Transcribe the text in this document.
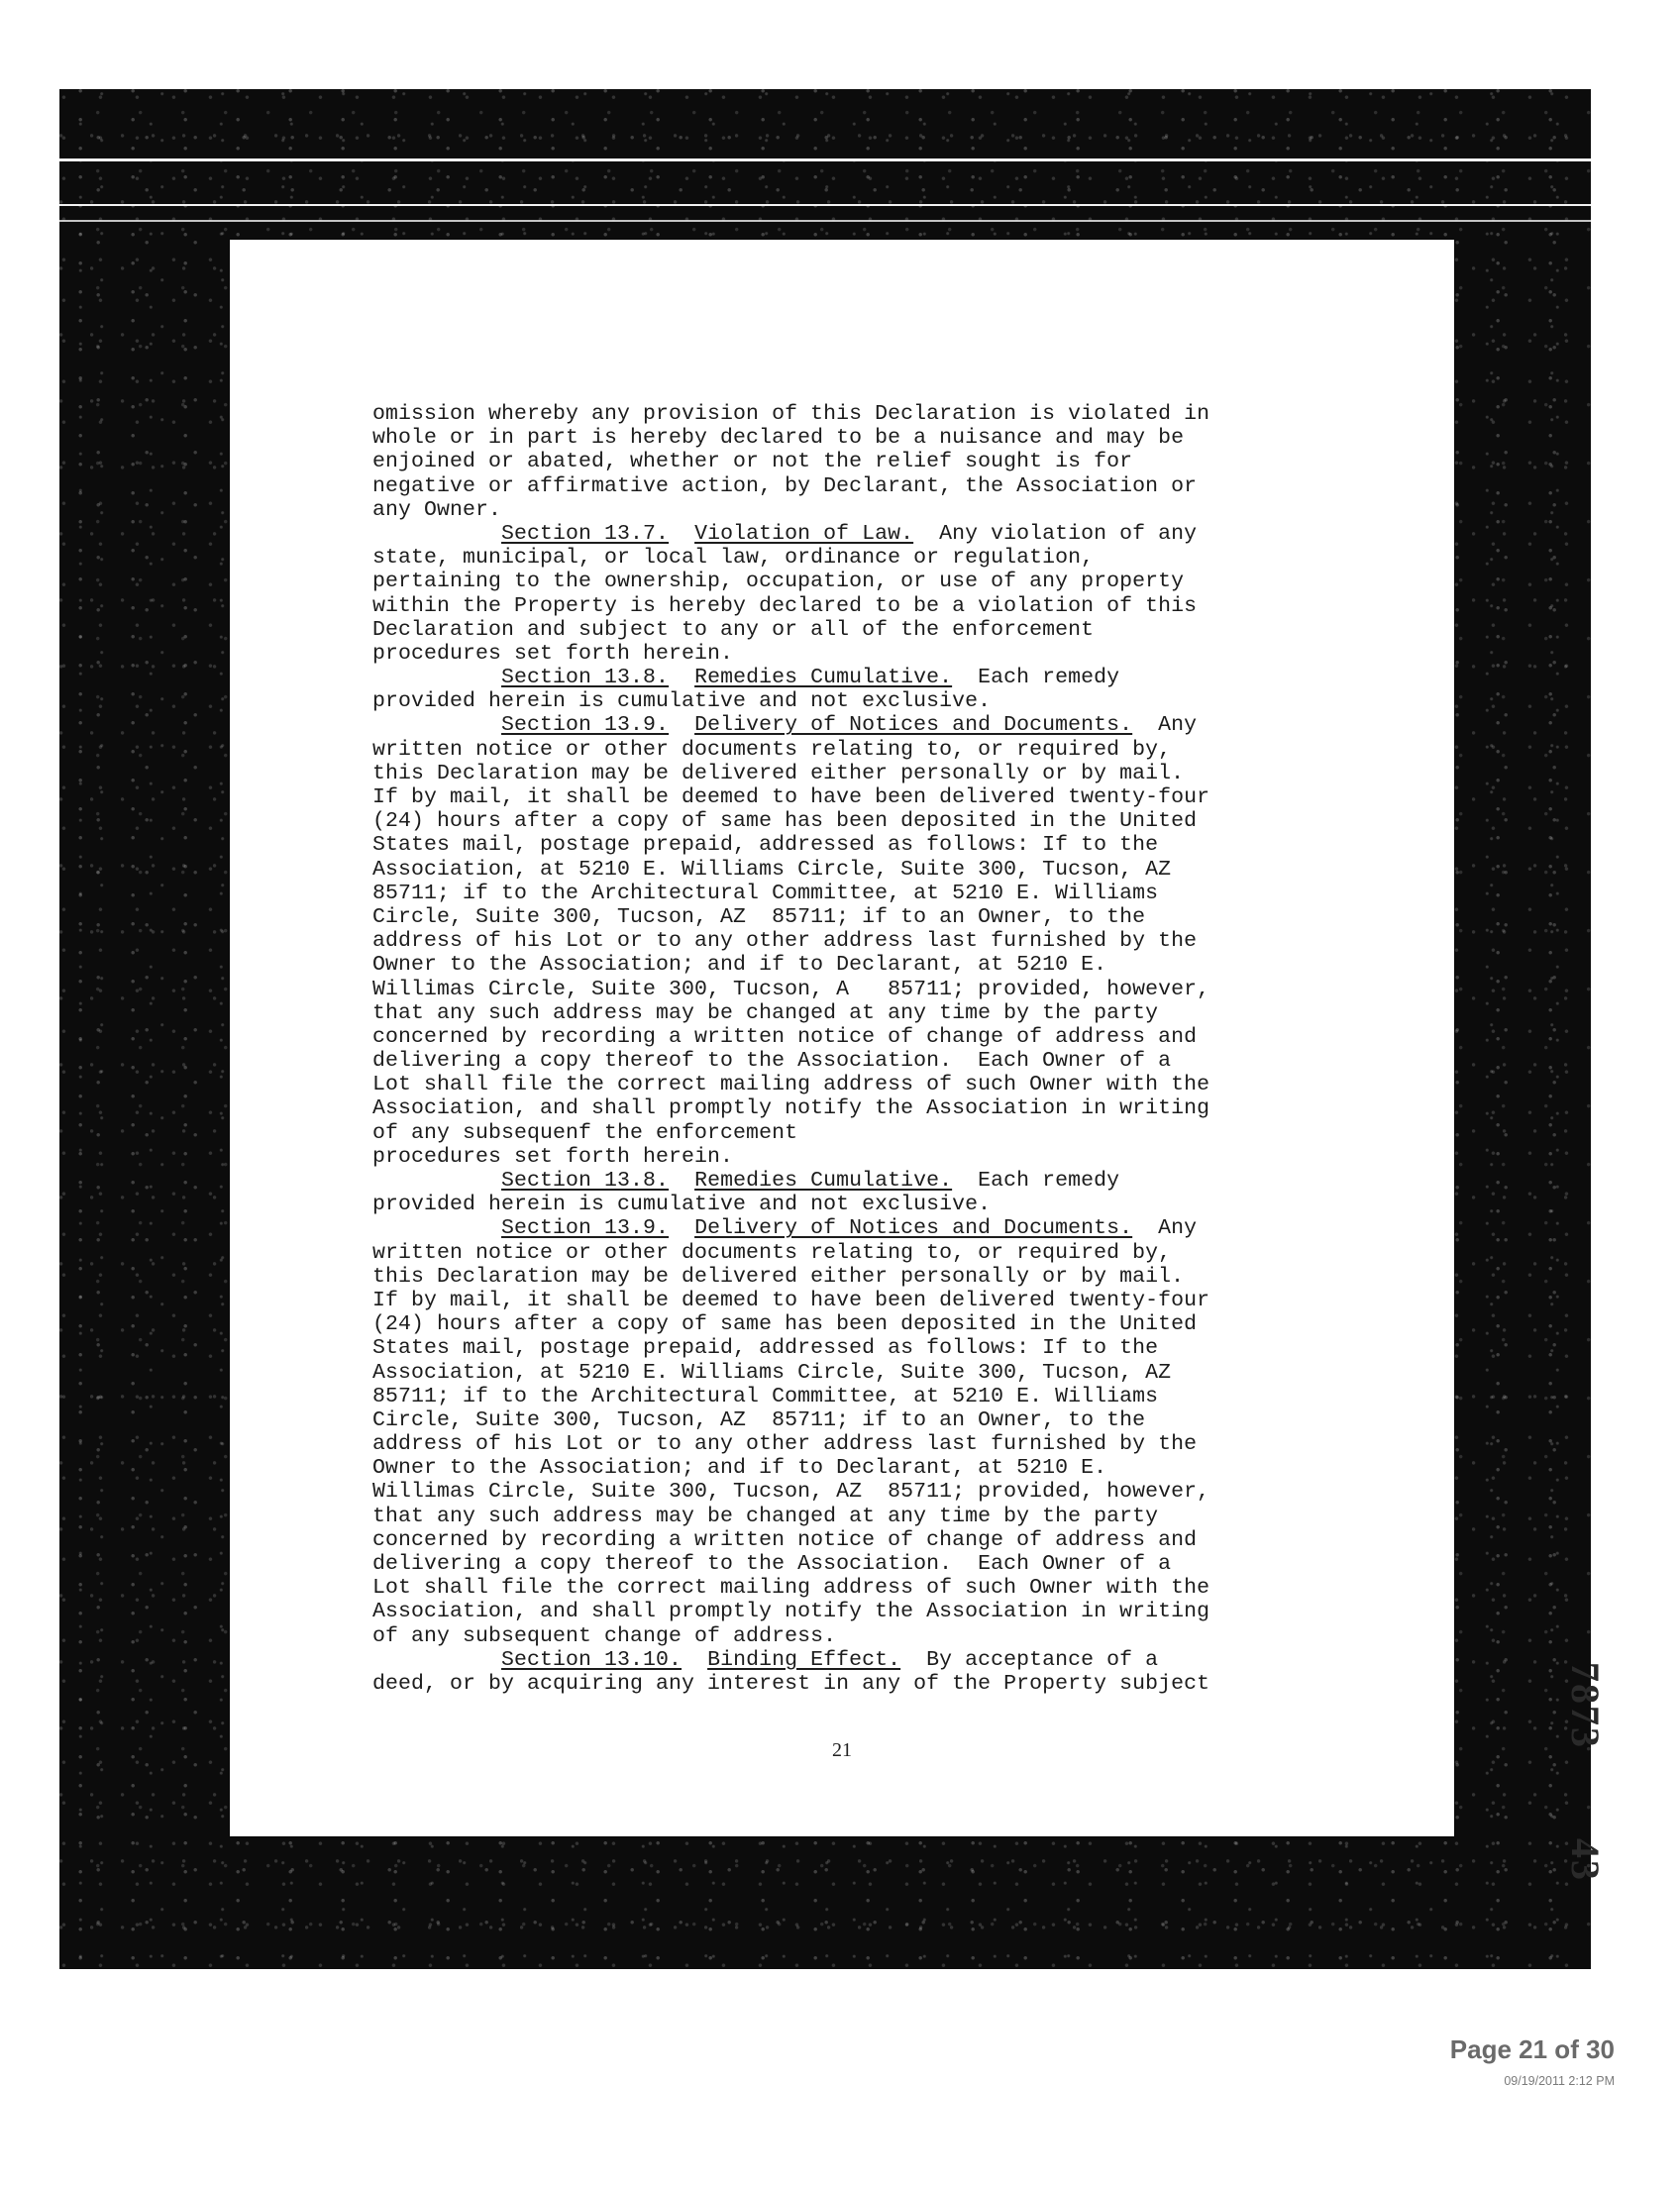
omission whereby any provision of this Declaration is violated in
whole or in part is hereby declared to be a nuisance and may be
enjoined or abated, whether or not the relief sought is for
negative or affirmative action, by Declarant, the Association or
any Owner.
Section 13.7. Violation of Law.  Any violation of any
state, municipal, or local law, ordinance or regulation,
pertaining to the ownership, occupation, or use of any property
within the Property is hereby declared to be a violation of this
Declaration and subject to any or all of the enforcement
procedures set forth herein.
Section 13.8. Remedies Cumulative.  Each remedy
provided herein is cumulative and not exclusive.
Section 13.9. Delivery of Notices and Documents.  Any
written notice or other documents relating to, or required by,
this Declaration may be delivered either personally or by mail.
If by mail, it shall be deemed to have been delivered twenty-four
(24) hours after a copy of same has been deposited in the United
States mail, postage prepaid, addressed as follows: If to the
Association, at 5210 E. Williams Circle, Suite 300, Tucson, AZ
85711; if to the Architectural Committee, at 5210 E. Williams
Circle, Suite 300, Tucson, AZ  85711; if to an Owner, to the
address of his Lot or to any other address last furnished by the
Owner to the Association; and if to Declarant, at 5210 E.
Willimas Circle, Suite 300, Tucson, A   85711; provided, however,
that any such address may be changed at any time by the party
concerned by recording a written notice of change of address and
delivering a copy thereof to the Association.  Each Owner of a
Lot shall file the correct mailing address of such Owner with the
Association, and shall promptly notify the Association in writing
of any subsequenf the enforcement
procedures set forth herein.
Section 13.8. Remedies Cumulative.  Each remedy
provided herein is cumulative and not exclusive.
Section 13.9. Delivery of Notices and Documents.  Any
written notice or other documents relating to, or required by,
this Declaration may be delivered either personally or by mail.
If by mail, it shall be deemed to have been delivered twenty-four
(24) hours after a copy of same has been deposited in the United
States mail, postage prepaid, addressed as follows: If to the
Association, at 5210 E. Williams Circle, Suite 300, Tucson, AZ
85711; if to the Architectural Committee, at 5210 E. Williams
Circle, Suite 300, Tucson, AZ  85711; if to an Owner, to the
address of his Lot or to any other address last furnished by the
Owner to the Association; and if to Declarant, at 5210 E.
Willimas Circle, Suite 300, Tucson, AZ  85711; provided, however,
that any such address may be changed at any time by the party
concerned by recording a written notice of change of address and
delivering a copy thereof to the Association.  Each Owner of a
Lot shall file the correct mailing address of such Owner with the
Association, and shall promptly notify the Association in writing
of any subsequent change of address.
Section 13.10. Binding Effect.  By acceptance of a
deed, or by acquiring any interest in any of the Property subject
21
7873
43
Page 21 of 30
09/19/2011 2:12 PM
